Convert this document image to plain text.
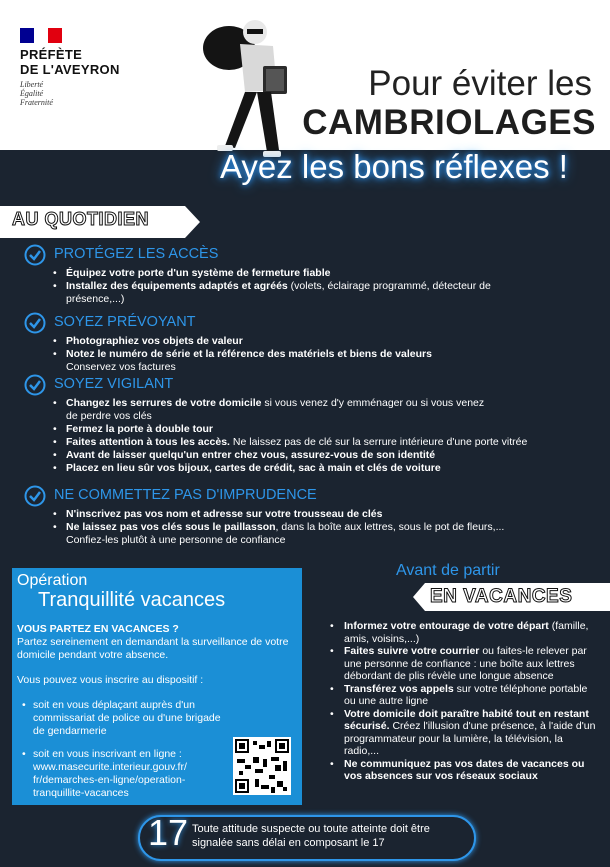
PRÉFÈTE
DE L'AVEYRON
Liberté
Égalité
Fraternité	Pour éviter les
CAMBRIOLAGES
Ayez les bons réflexes !
AU QUOTIDIEN
PROTÉGEZ LES ACCÈS
• Équipez votre porte d'un système de fermeture fiable
• Installez des équipements adaptés et agréés (volets, éclairage programmé, détecteur de
présence,...)
SOYEZ PRÉVOYANT
• Photographiez vos objets de valeur
• Notez le numéro de série et la référence des matériels et biens de valeurs
Conservez vos factures
SOYEZ VIGILANT
• Changez les serrures de votre domicile si vous venez d'y emménager ou si vous venez
de perdre vos clés
• Fermez la porte à double tour
• Faites attention à tous les accès. Ne laissez pas de clé sur la serrure intérieure d'une porte vitrée
• Avant de laisser quelqu'un entrer chez vous, assurez-vous de son identité
• Placez en lieu sûr vos bijoux, cartes de crédit, sac à main et clés de voiture
NE COMMETTEZ PAS D'IMPRUDENCE
• N'inscrivez pas vos nom et adresse sur votre trousseau de clés
• Ne laissez pas vos clés sous le paillasson, dans la boîte aux lettres, sous le pot de fleurs,...
Confiez-les plutôt à une personne de confiance
Opération
Tranquillité vacances

VOUS PARTEZ EN VACANCES ?

Partez sereinement en demandant la surveillance de votre domicile pendant votre absence.

Vous pouvez vous inscrire au dispositif :

• soit en vous déplaçant auprès d'un commissariat de police ou d'une brigade de gendarmerie
• soit en vous inscrivant en ligne : www.masecurite.interieur.gouv.fr/ fr/demarches-en-ligne/operation-tranquillite-vacances
Avant de partir
EN VACANCES
• Informez votre entourage de votre départ (famille, amis, voisins,...)
• Faites suivre votre courrier ou faites-le relever par une personne de confiance : une boîte aux lettres débordant de plis révèle une longue absence
• Transférez vos appels sur votre téléphone portable ou une autre ligne
• Votre domicile doit paraître habité tout en restant sécurisé. Créez l'illusion d'une présence, à l'aide d'un programmateur pour la lumière, la télévision, la radio,...
• Ne communiquez pas vos dates de vacances ou vos absences sur vos réseaux sociaux
17 Toute attitude suspecte ou toute atteinte doit être
signalée sans délai en composant le 17
